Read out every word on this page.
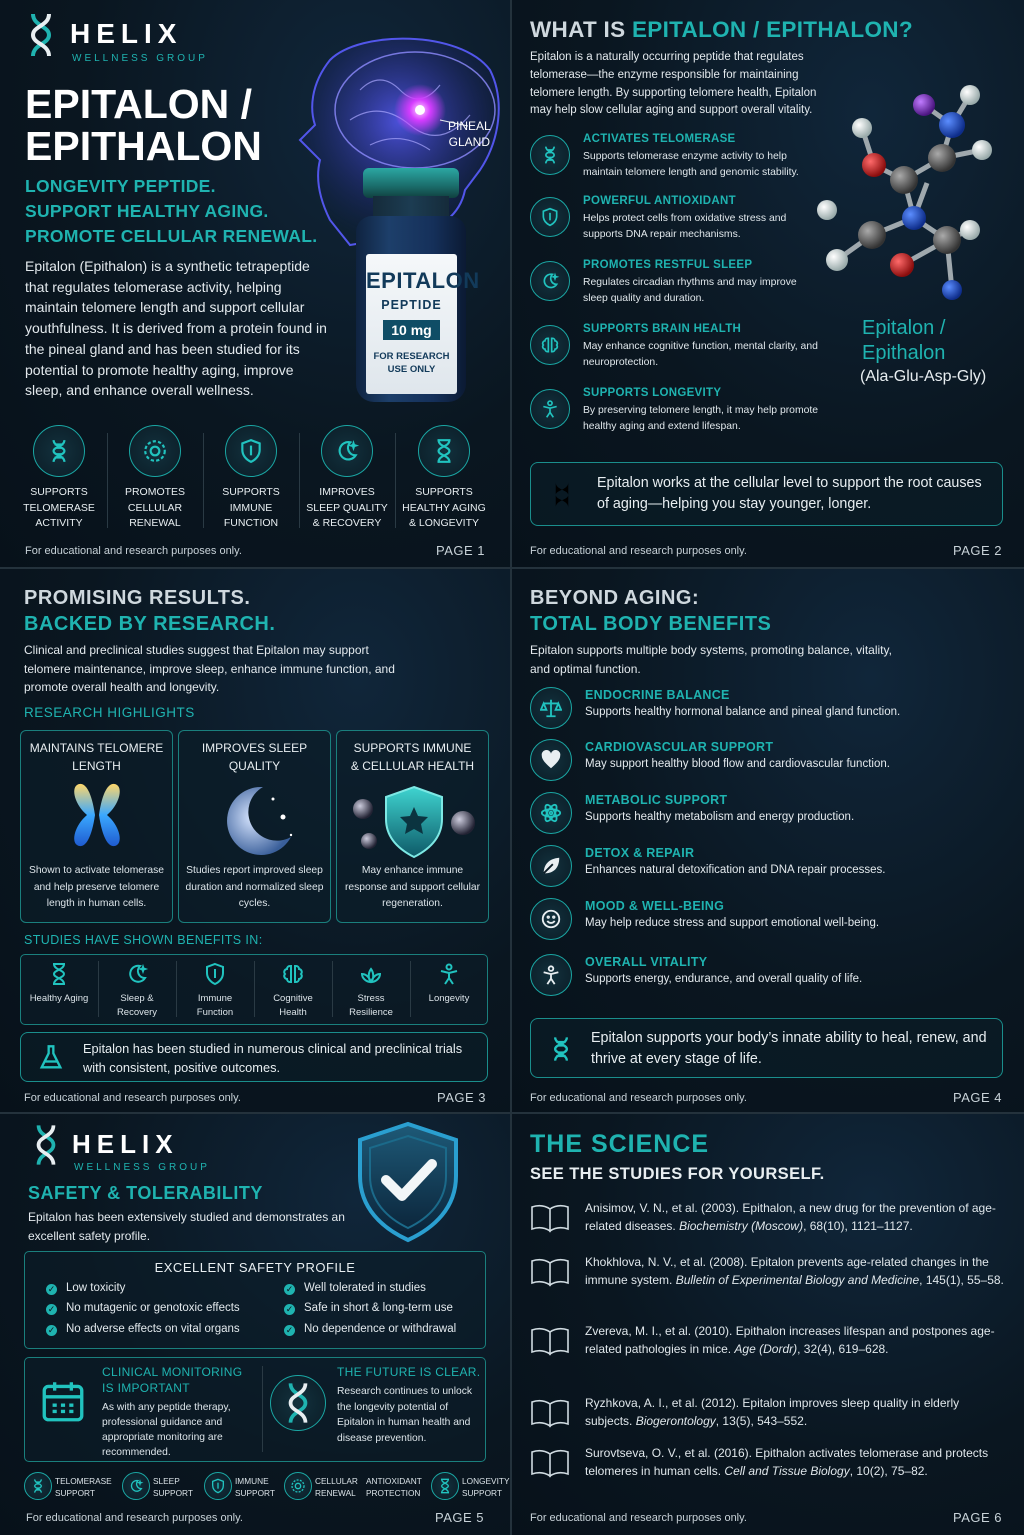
HELIX
WELLNESS GROUP
PINEAL
GLAND
EPITALON
PEPTIDE
10 mg
FOR RESEARCH
USE ONLY
EPITALON /
EPITHALON
LONGEVITY PEPTIDE.
SUPPORT HEALTHY AGING.
PROMOTE CELLULAR RENEWAL.
Epitalon (Epithalon) is a synthetic tetrapeptide that regulates telomerase activity, helping maintain telomere length and support cellular youthfulness. It is derived from a protein found in the pineal gland and has been studied for its potential to promote healthy aging, improve sleep, and enhance overall wellness.
SUPPORTS
TELOMERASE
ACTIVITY
PROMOTES
CELLULAR
RENEWAL
SUPPORTS
IMMUNE
FUNCTION
IMPROVES
SLEEP QUALITY
& RECOVERY
SUPPORTS
HEALTHY AGING
& LONGEVITY
For educational and research purposes only.	PAGE 1
WHAT IS EPITALON / EPITHALON?
Epitalon is a naturally occurring peptide that regulates telomerase—the enzyme responsible for maintaining telomere length. By supporting telomere health, Epitalon may help slow cellular aging and support overall vitality.
ACTIVATES TELOMERASE
Supports telomerase enzyme activity to help maintain telomere length and genomic stability.
POWERFUL ANTIOXIDANT
Helps protect cells from oxidative stress and supports DNA repair mechanisms.
PROMOTES RESTFUL SLEEP
Regulates circadian rhythms and may improve sleep quality and duration.
SUPPORTS BRAIN HEALTH
May enhance cognitive function, mental clarity, and neuroprotection.
SUPPORTS LONGEVITY
By preserving telomere length, it may help promote healthy aging and extend lifespan.
Epitalon /
Epithalon
(Ala-Glu-Asp-Gly)
Epitalon works at the cellular level to support the root causes of aging—helping you stay younger, longer.
For educational and research purposes only.	PAGE 2
PROMISING RESULTS.
BACKED BY RESEARCH.
Clinical and preclinical studies suggest that Epitalon may support telomere maintenance, improve sleep, enhance immune function, and promote overall health and longevity.
RESEARCH HIGHLIGHTS
MAINTAINS TELOMERE
LENGTH
Shown to activate telomerase and help preserve telomere length in human cells.
IMPROVES SLEEP
QUALITY
Studies report improved sleep duration and normalized sleep cycles.
SUPPORTS IMMUNE
& CELLULAR HEALTH
May enhance immune response and support cellular regeneration.
STUDIES HAVE SHOWN BENEFITS IN:
Healthy Aging	Sleep &
Recovery
Immune
Function
Cognitive
Health
Stress
Resilience
Longevity
Epitalon has been studied in numerous clinical and preclinical trials with consistent, positive outcomes.
For educational and research purposes only.	PAGE 3
BEYOND AGING:
TOTAL BODY BENEFITS
Epitalon supports multiple body systems, promoting balance, vitality, and optimal function.
ENDOCRINE BALANCE
Supports healthy hormonal balance and pineal gland function.
CARDIOVASCULAR SUPPORT
May support healthy blood flow and cardiovascular function.
METABOLIC SUPPORT
Supports healthy metabolism and energy production.
DETOX & REPAIR
Enhances natural detoxification and DNA repair processes.
MOOD & WELL-BEING
May help reduce stress and support emotional well-being.
OVERALL VITALITY
Supports energy, endurance, and overall quality of life.
Epitalon supports your body’s innate ability to heal, renew, and thrive at every stage of life.
For educational and research purposes only.	PAGE 4
HELIX
WELLNESS GROUP
SAFETY & TOLERABILITY
Epitalon has been extensively studied and demonstrates an excellent safety profile.
EXCELLENT SAFETY PROFILE
✓ Low toxicity
✓ No mutagenic or genotoxic effects
✓ No adverse effects on vital organs
✓ Well tolerated in studies
✓ Safe in short & long-term use
✓ No dependence or withdrawal
CLINICAL MONITORING
IS IMPORTANT
As with any peptide therapy, professional guidance and appropriate monitoring are recommended.
THE FUTURE IS CLEAR.
Research continues to unlock the longevity potential of Epitalon in human health and disease prevention.
TELOMERASE
SUPPORT
SLEEP
SUPPORT
IMMUNE
SUPPORT
CELLULAR
RENEWAL
ANTIOXIDANT
PROTECTION
LONGEVITY
SUPPORT
For educational and research purposes only.	PAGE 5
THE SCIENCE
SEE THE STUDIES FOR YOURSELF.
Anisimov, V. N., et al. (2003). Epithalon, a new drug for the prevention of age-related diseases. Biochemistry (Moscow), 68(10), 1121–1127.
Khokhlova, N. V., et al. (2008). Epitalon prevents age-related changes in the immune system. Bulletin of Experimental Biology and Medicine, 145(1), 55–58.
Zvereva, M. I., et al. (2010). Epithalon increases lifespan and postpones age-related pathologies in mice. Age (Dordr), 32(4), 619–628.
Ryzhkova, A. I., et al. (2012). Epitalon improves sleep quality in elderly subjects. Biogerontology, 13(5), 543–552.
Surovtseva, O. V., et al. (2016). Epithalon activates telomerase and protects telomeres in human cells. Cell and Tissue Biology, 10(2), 75–82.
For educational and research purposes only.	PAGE 6
